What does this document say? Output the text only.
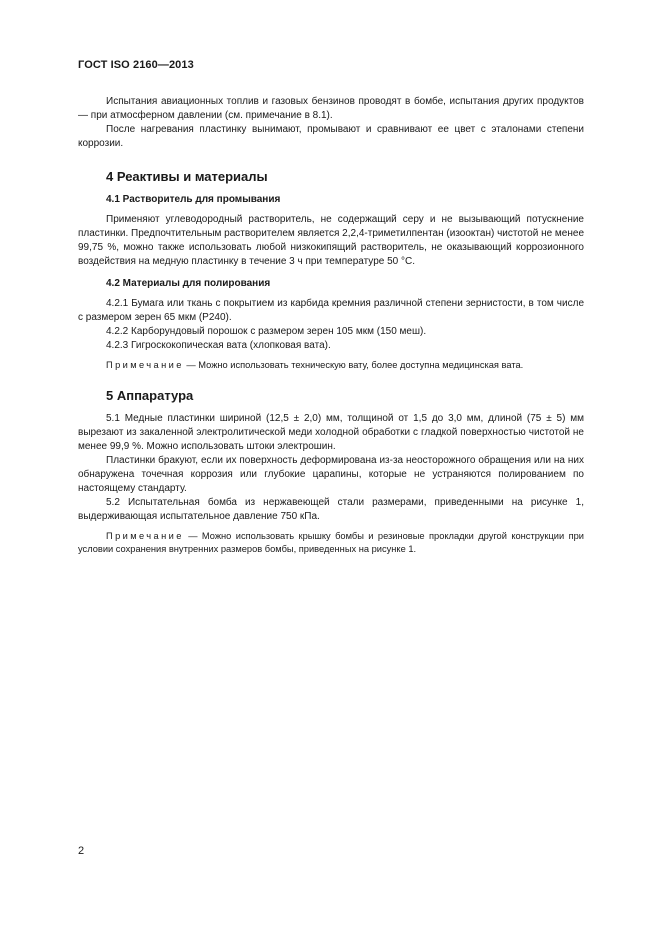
ГОСТ ISO 2160—2013

Испытания авиационных топлив и газовых бензинов проводят в бомбе, испытания других продуктов — при атмосферном давлении (см. примечание в 8.1).

После нагревания пластинку вынимают, промывают и сравнивают ее цвет с эталонами степени коррозии.

4 Реактивы и материалы
4.1 Растворитель для промывания

Применяют углеводородный растворитель, не содержащий серу и не вызывающий потускнение пластинки. Предпочтительным растворителем является 2,2,4-триметилпентан (изооктан) чистотой не менее 99,75 %, можно также использовать любой низкокипящий растворитель, не оказывающий коррозионного воздействия на медную пластинку в течение 3 ч при температуре 50 °С.

4.2 Материалы для полирования

4.2.1 Бумага или ткань с покрытием из карбида кремния различной степени зернистости, в том числе с размером зерен 65 мкм (Р240).

4.2.2 Карборундовый порошок с размером зерен 105 мкм (150 меш).

4.2.3 Гигроскокопическая вата (хлопковая вата).

Примечание — Можно использовать техническую вату, более доступна медицинская вата.

5 Аппаратура

5.1 Медные пластинки шириной (12,5 ± 2,0) мм, толщиной от 1,5 до 3,0 мм, длиной (75 ± 5) мм вырезают из закаленной электролитической меди холодной обработки с гладкой поверхностью чистотой не менее 99,9 %. Можно использовать штоки электрошин.

Пластинки бракуют, если их поверхность деформирована из-за неосторожного обращения или на них обнаружена точечная коррозия или глубокие царапины, которые не устраняются полированием по настоящему стандарту.

5.2 Испытательная бомба из нержавеющей стали размерами, приведенными на рисунке 1, выдерживающая испытательное давление 750 кПа.

Примечание — Можно использовать крышку бомбы и резиновые прокладки другой конструкции при условии сохранения внутренних размеров бомбы, приведенных на рисунке 1.

2
